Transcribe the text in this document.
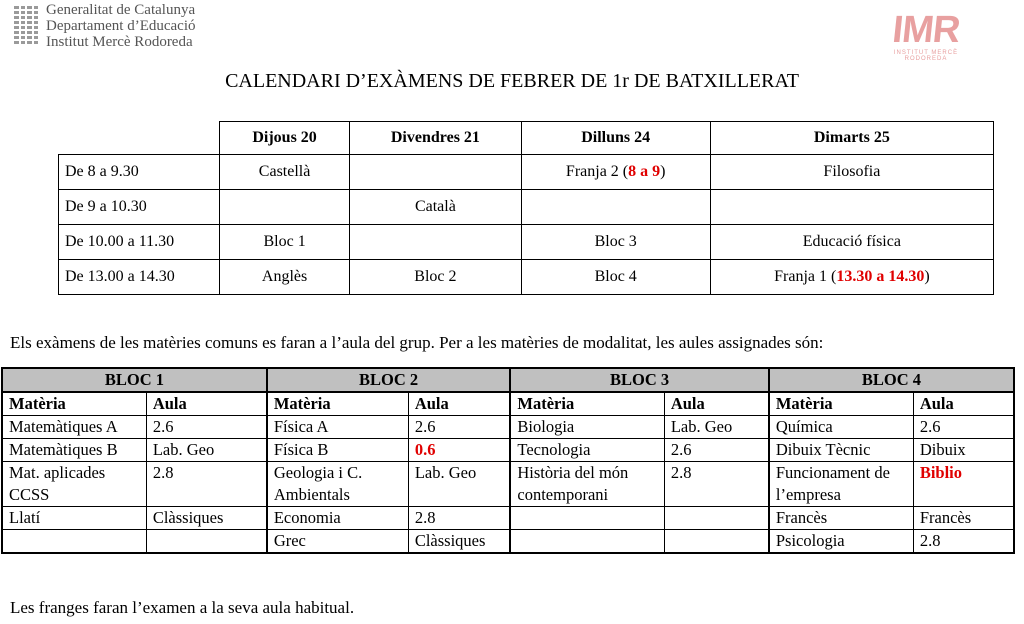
Generalitat de Catalunya
Departament d’Educació
Institut Mercè Rodoreda	IMR
INSTITUT MERCÈ RODOREDA
CALENDARI D’EXÀMENS DE FEBRER DE 1r DE BATXILLERAT
	Dijous 20	Divendres 21	Dilluns 24	Dimarts 25
De 8 a 9.30	Castellà		Franja 2 (8 a 9)	Filosofia
De 9 a 10.30		Català		
De 10.00 a 11.30	Bloc 1		Bloc 3	Educació física
De 13.00 a 14.30	Anglès	Bloc 2	Bloc 4	Franja 1 (13.30 a 14.30)
Els exàmens de les matèries comuns es faran a l’aula del grup. Per a les matèries de modalitat, les aules assignades són:
BLOC 1		BLOC 2		BLOC 3		BLOC 4	
Matèria	Aula	Matèria	Aula	Matèria	Aula	Matèria	Aula
Matemàtiques A	2.6	Física A	2.6	Biologia	Lab. Geo	Química	2.6
Matemàtiques B	Lab. Geo	Física B	0.6	Tecnologia	2.6	Dibuix Tècnic	Dibuix
Mat. aplicades CCSS	2.8	Geologia i C. Ambientals	Lab. Geo	Història del món contemporani	2.8	Funcionament de l’empresa	Biblio
Llatí	Clàssiques	Economia	2.8			Francès	Francès
		Grec	Clàssiques			Psicologia	2.8
Les franges faran l’examen a la seva aula habitual.
